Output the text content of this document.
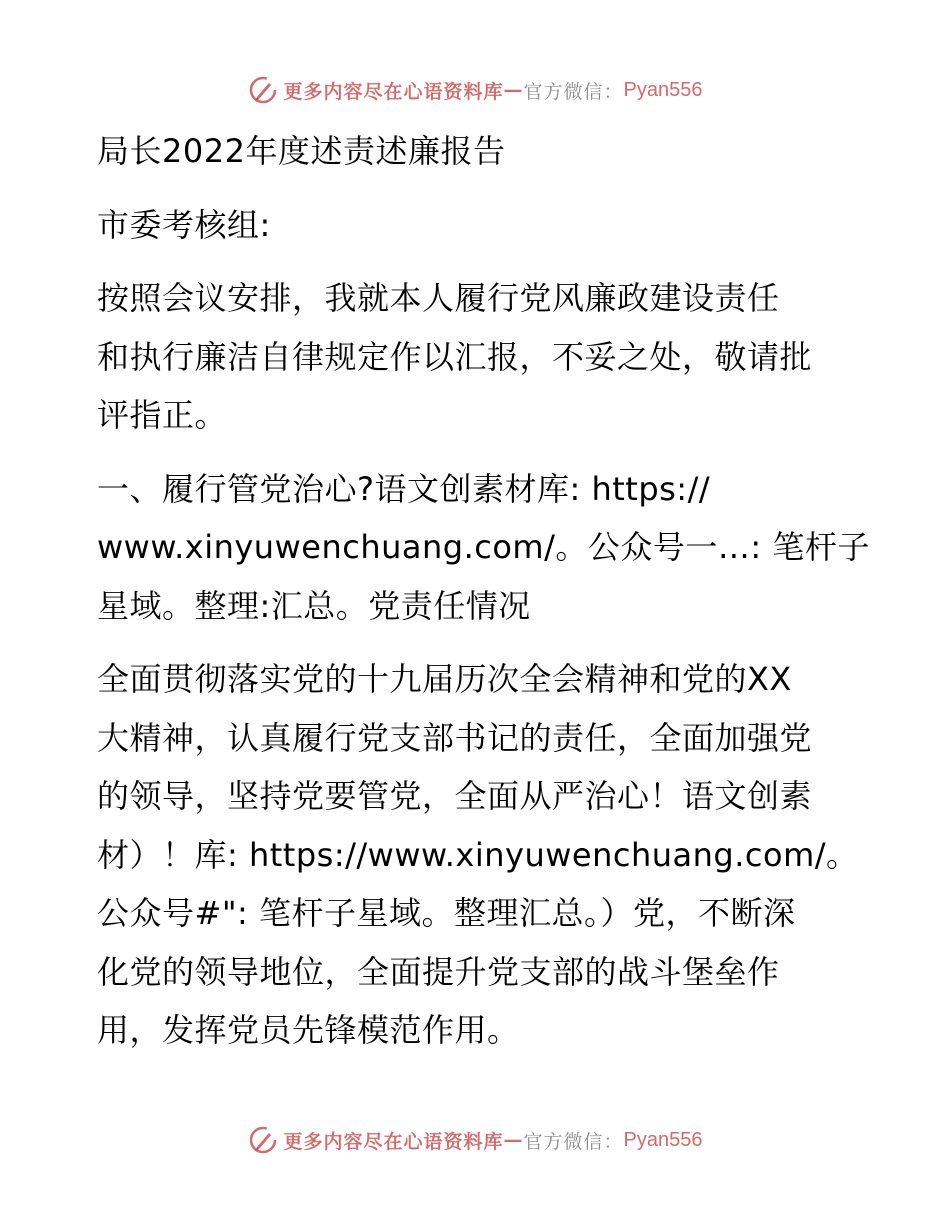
更多内容尽在心语资料库 — 官方微信： Pyan556

局长2022年度述责述廉报告

市委考核组:

按照会议安排，我就本人履行党风廉政建设责任
和执行廉洁自律规定作以汇报，不妥之处，敬请批
评指正。

一、履行管党治心?语文创素材库: https://
www.xinyuwenchuang.com/。公众号一…: 笔杆子
星域。整理:汇总。党责任情况

全面贯彻落实党的十九届历次全会精神和党的XX
大精神，认真履行党支部书记的责任，全面加强党
的领导，坚持党要管党，全面从严治心！语文创素
材）！库: https://www.xinyuwenchuang.com/。
公众号#": 笔杆子星域。整理汇总。）党，不断深
化党的领导地位，全面提升党支部的战斗堡垒作
用，发挥党员先锋模范作用。

更多内容尽在心语资料库 — 官方微信： Pyan556
